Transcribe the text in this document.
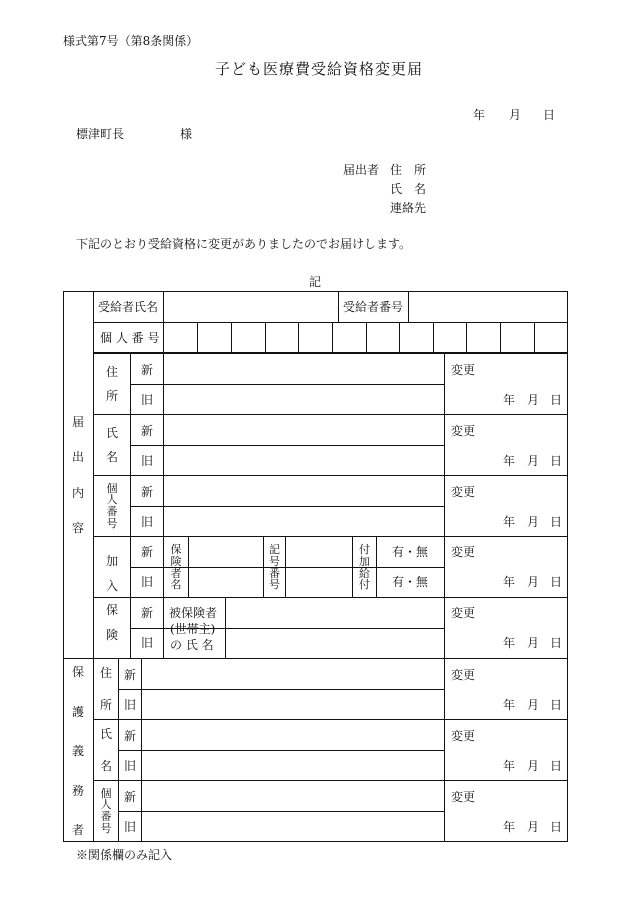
様式第7号（第8条関係）
子ども医療費受給資格変更届
年 月 日
標津町長	様
届出者 住　所
氏　名
連絡先
下記のとおり受給資格に変更がありましたのでお届けします。
記
受給者氏名	受給者番号
個 人 番 号
届
出
内
容
住
所
新
旧
変更
年 月 日
氏
名
新
旧
変更
年 月 日
個
人
番
号
新
旧
変更
年 月 日
加
入
保
険
新
旧
新
旧
保
険
者
名
記
号
番
号
付
加
給
付
有・無
有・無
変更
年 月 日
被保険者
(世帯主)
の 氏 名
変更
年 月 日
保
護
義
務
者
住
所
新
旧
変更
年 月 日
氏
名
新
旧
変更
年 月 日
個
人
番
号
新
旧
変更
年 月 日
※関係欄のみ記入
